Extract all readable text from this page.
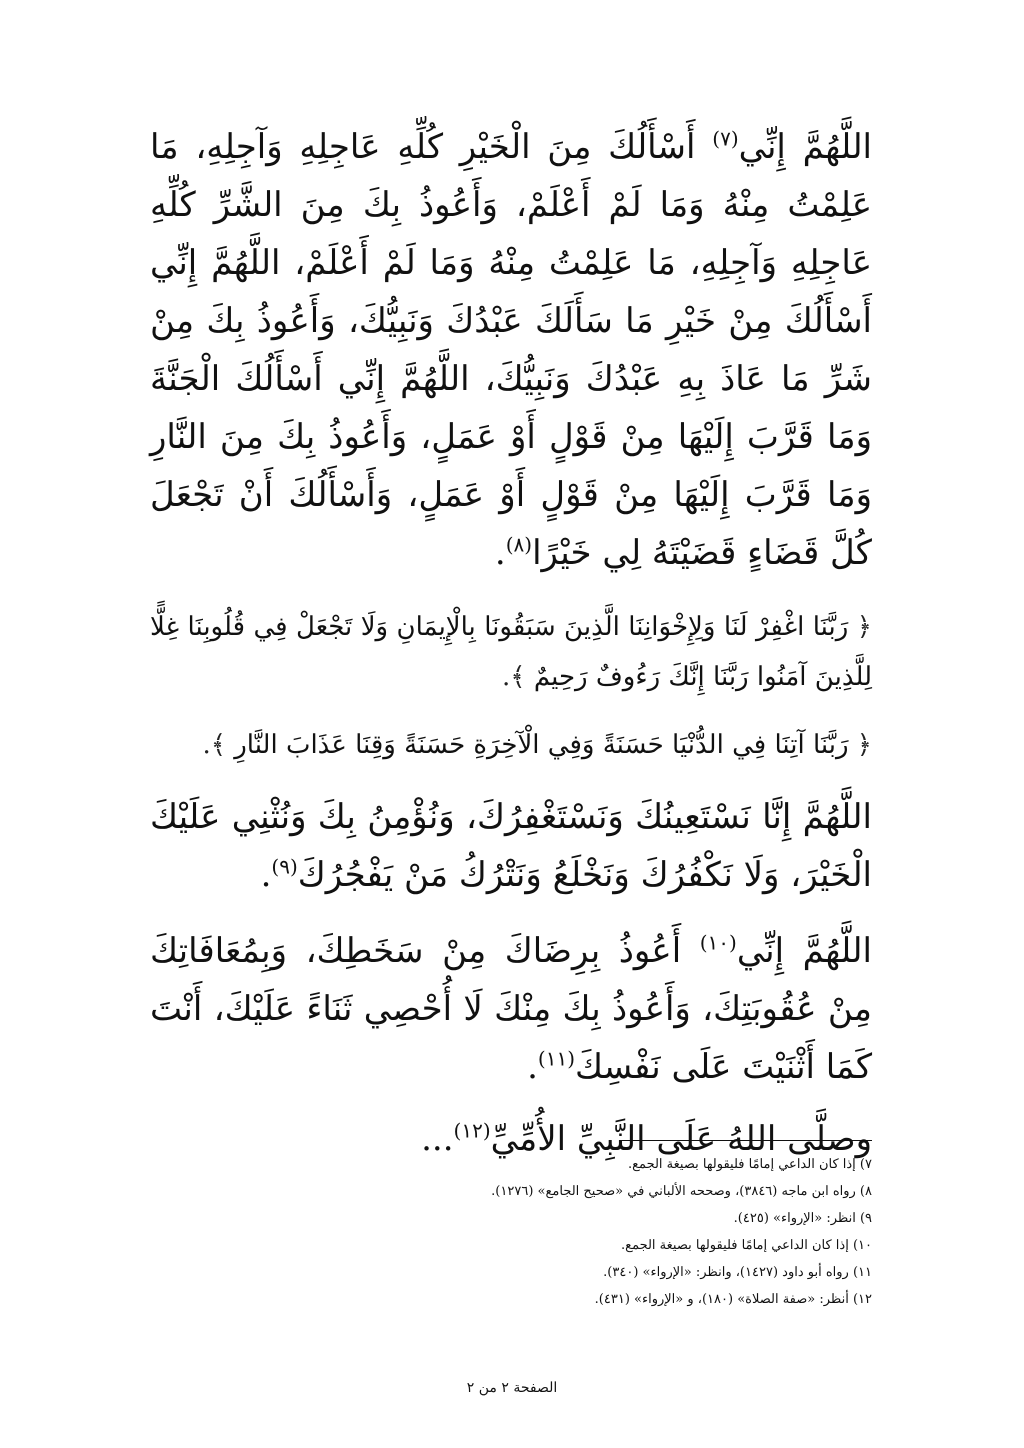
اللَّهُمَّ إِنِّي$^{(٧)}$ أَسْأَلُكَ مِنَ الْخَيْرِ كُلِّهِ عَاجِلِهِ وَآجِلِهِ، مَا عَلِمْتُ مِنْهُ وَمَا لَمْ أَعْلَمْ، وَأَعُوذُ بِكَ مِنَ الشَّرِّ كُلِّهِ عَاجِلِهِ وَآجِلِهِ، مَا عَلِمْتُ مِنْهُ وَمَا لَمْ أَعْلَمْ، اللَّهُمَّ إِنِّي أَسْأَلُكَ مِنْ خَيْرِ مَا سَأَلَكَ عَبْدُكَ وَنَبِيُّكَ، وَأَعُوذُ بِكَ مِنْ شَرِّ مَا عَاذَ بِهِ عَبْدُكَ وَنَبِيُّكَ، اللَّهُمَّ إِنِّي أَسْأَلُكَ الْجَنَّةَ وَمَا قَرَّبَ إِلَيْهَا مِنْ قَوْلٍ أَوْ عَمَلٍ، وَأَعُوذُ بِكَ مِنَ النَّارِ وَمَا قَرَّبَ إِلَيْهَا مِنْ قَوْلٍ أَوْ عَمَلٍ، وَأَسْأَلُكَ أَنْ تَجْعَلَ كُلَّ قَضَاءٍ قَضَيْتَهُ لِي خَيْرًا$^{(٨)}$.

﴿ رَبَّنَا اغْفِرْ لَنَا وَلِإِخْوَانِنَا الَّذِينَ سَبَقُونَا بِالْإِيمَانِ وَلَا تَجْعَلْ فِي قُلُوبِنَا غِلًّا لِلَّذِينَ آمَنُوا رَبَّنَا إِنَّكَ رَءُوفٌ رَحِيمٌ ﴾.

﴿ رَبَّنَا آتِنَا فِي الدُّنْيَا حَسَنَةً وَفِي الْآخِرَةِ حَسَنَةً وَقِنَا عَذَابَ النَّارِ ﴾.

اللَّهُمَّ إِنَّا نَسْتَعِينُكَ وَنَسْتَغْفِرُكَ، وَنُؤْمِنُ بِكَ وَنُثْنِي عَلَيْكَ الْخَيْرَ، وَلَا نَكْفُرُكَ وَنَخْلَعُ وَنَتْرُكُ مَنْ يَفْجُرُكَ$^{(٩)}$.

اللَّهُمَّ إِنِّي$^{(١٠)}$ أَعُوذُ بِرِضَاكَ مِنْ سَخَطِكَ، وَبِمُعَافَاتِكَ مِنْ عُقُوبَتِكَ، وَأَعُوذُ بِكَ مِنْكَ لَا أُحْصِي ثَنَاءً عَلَيْكَ، أَنْتَ كَمَا أَثْنَيْتَ عَلَى نَفْسِكَ$^{(١١)}$.

وصلَّى اللهُ عَلَى النَّبِيِّ الأُمِّيِّ$^{(١٢)}$...

٧) إذا كان الداعي إمامًا فليقولها بصيغة الجمع.

٨) رواه ابن ماجه (٣٨٤٦)، وصححه الألباني في «صحيح الجامع» (١٢٧٦).

٩) انظر: «الإرواء» (٤٢٥).

١٠) إذا كان الداعي إمامًا فليقولها بصيغة الجمع.

١١) رواه أبو داود (١٤٢٧)، وانظر: «الإرواء» (٣٤٠).

١٢) أنظر: «صفة الصلاة» (١٨٠)، و «الإرواء» (٤٣١).

الصفحة ٢ من ٢
